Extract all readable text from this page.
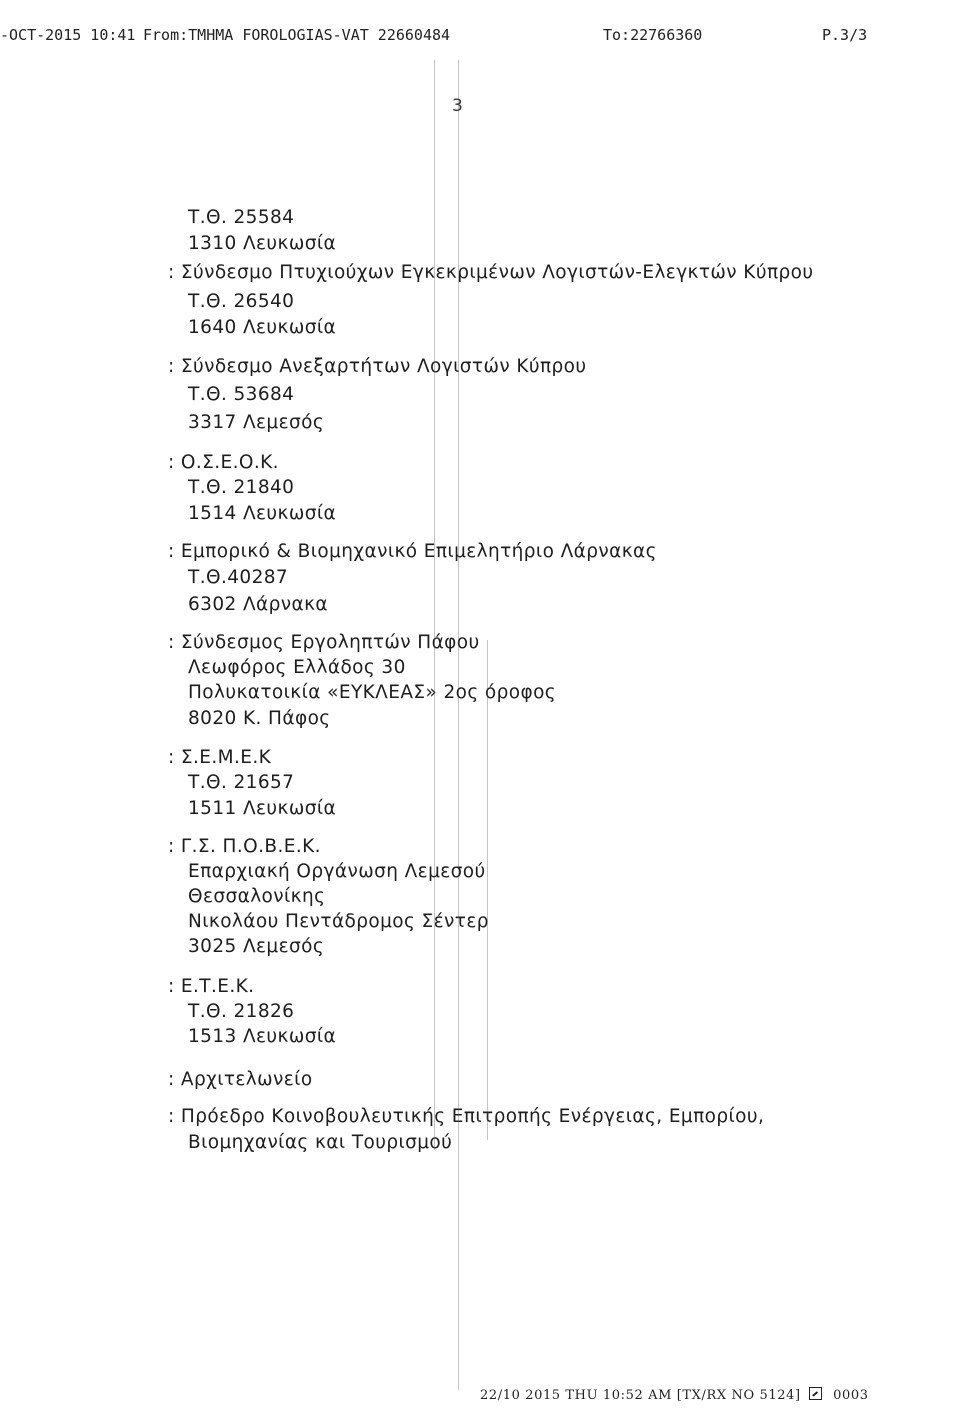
-ΟCT-2015 10:41 From:TMHMA FOROLOGIAS-VAT 22660484	To:22766360	P.3/3
3
Τ.Θ. 25584
1310 Λευκωσία
: Σύνδεσμο Πτυχιούχων Εγκεκριμένων Λογιστών-Ελεγκτών Κύπρου
Τ.Θ. 26540
1640 Λευκωσία
: Σύνδεσμο Ανεξαρτήτων Λογιστών Κύπρου
Τ.Θ. 53684
3317 Λεμεσός
: Ο.Σ.Ε.Ο.Κ.
Τ.Θ. 21840
1514 Λευκωσία
: Εμπορικό & Βιομηχανικό Επιμελητήριο Λάρνακας
Τ.Θ.40287
6302 Λάρνακα
: Σύνδεσμος Εργοληπτών Πάφου
Λεωφόρος Ελλάδος 30
Πολυκατοικία «ΕΥΚΛΕΑΣ» 2ος όροφος
8020 Κ. Πάφος
: Σ.Ε.Μ.Ε.Κ
Τ.Θ. 21657
1511 Λευκωσία
: Γ.Σ. Π.Ο.Β.Ε.Κ.
Επαρχιακή Οργάνωση Λεμεσού
Θεσσαλονίκης
Νικολάου Πεντάδρομος Σέντερ
3025 Λεμεσός
: Ε.Τ.Ε.Κ.
Τ.Θ. 21826
1513 Λευκωσία
: Αρχιτελωνείο
: Πρόεδρο Κοινοβουλευτικής Επιτροπής Ενέργειας, Εμπορίου,
Βιομηχανίας και Τουρισμού
22/10 2015 THU 10:52 AM [TX/RX NO 5124] 0003
